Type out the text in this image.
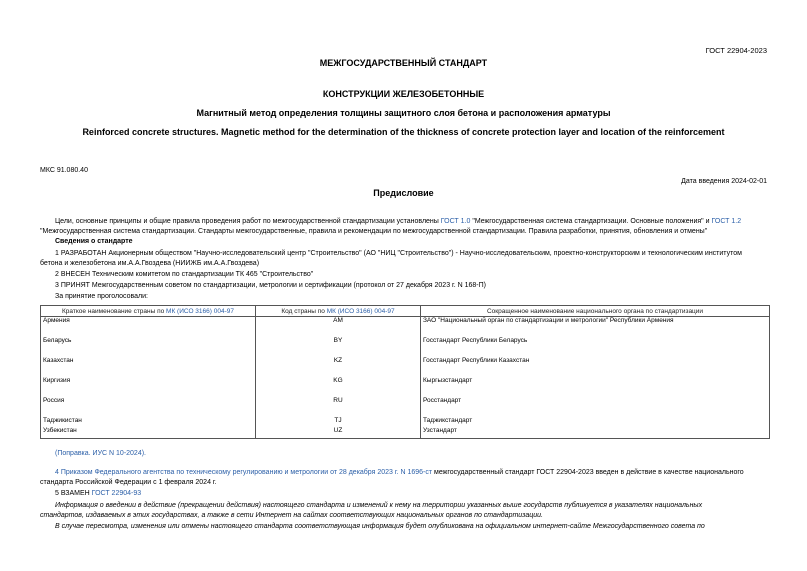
ГОСТ 22904-2023
МЕЖГОСУДАРСТВЕННЫЙ СТАНДАРТ
КОНСТРУКЦИИ ЖЕЛЕЗОБЕТОННЫЕ
Магнитный метод определения толщины защитного слоя бетона и расположения арматуры
Reinforced concrete structures. Magnetic method for the determination of the thickness of concrete protection layer and location of the reinforcement
МКС 91.080.40
Дата введения 2024-02-01
Предисловие
Цели, основные принципы и общие правила проведения работ по межгосударственной стандартизации установлены ГОСТ 1.0 "Межгосударственная система стандартизации. Основные положения" и ГОСТ 1.2
"Межгосударственная система стандартизации. Стандарты межгосударственные, правила и рекомендации по межгосударственной стандартизации. Правила разработки, принятия, обновления и отмены"
Сведения о стандарте
1 РАЗРАБОТАН Акционерным обществом "Научно-исследовательский центр "Строительство" (АО "НИЦ "Строительство") - Научно-исследовательским, проектно-конструкторским и технологическим институтом
бетона и железобетона им.А.А.Гвоздева (НИИЖБ им.А.А.Гвоздева)
2 ВНЕСЕН Техническим комитетом по стандартизации ТК 465 "Строительство"
3 ПРИНЯТ Межгосударственным советом по стандартизации, метрологии и сертификации (протокол от 27 декабря 2023 г. N 168-П)
За принятие проголосовали:
Краткое наименование страны по МК (ИСО 3166) 004-97	Код страны по МК (ИСО 3166) 004-97	Сокращенное наименование национального органа по стандартизации
Армения	AM	ЗАО "Национальный орган по стандартизации и метрологии" Республики Армения
Беларусь	BY	Госстандарт Республики Беларусь
Казахстан	KZ	Госстандарт Республики Казахстан
Киргизия	KG	Кыргызстандарт
Россия	RU	Росстандарт
Таджикистан	TJ	Таджикстандарт
Узбекистан	UZ	Узстандарт
(Поправка. ИУС N 10-2024).
4 Приказом Федерального агентства по техническому регулированию и метрологии от 28 декабря 2023 г. N 1696-ст межгосударственный стандарт ГОСТ 22904-2023 введен в действие в качестве национального
стандарта Российской Федерации с 1 февраля 2024 г.
5 ВЗАМЕН ГОСТ 22904-93
Информация о введении в действие (прекращении действия) настоящего стандарта и изменений к нему на территории указанных выше государств публикуется в указателях национальных
стандартов, издаваемых в этих государствах, а также в сети Интернет на сайтах соответствующих национальных органов по стандартизации.
В случае пересмотра, изменения или отмены настоящего стандарта соответствующая информация будет опубликована на официальном интернет-сайте Межгосударственного совета по
